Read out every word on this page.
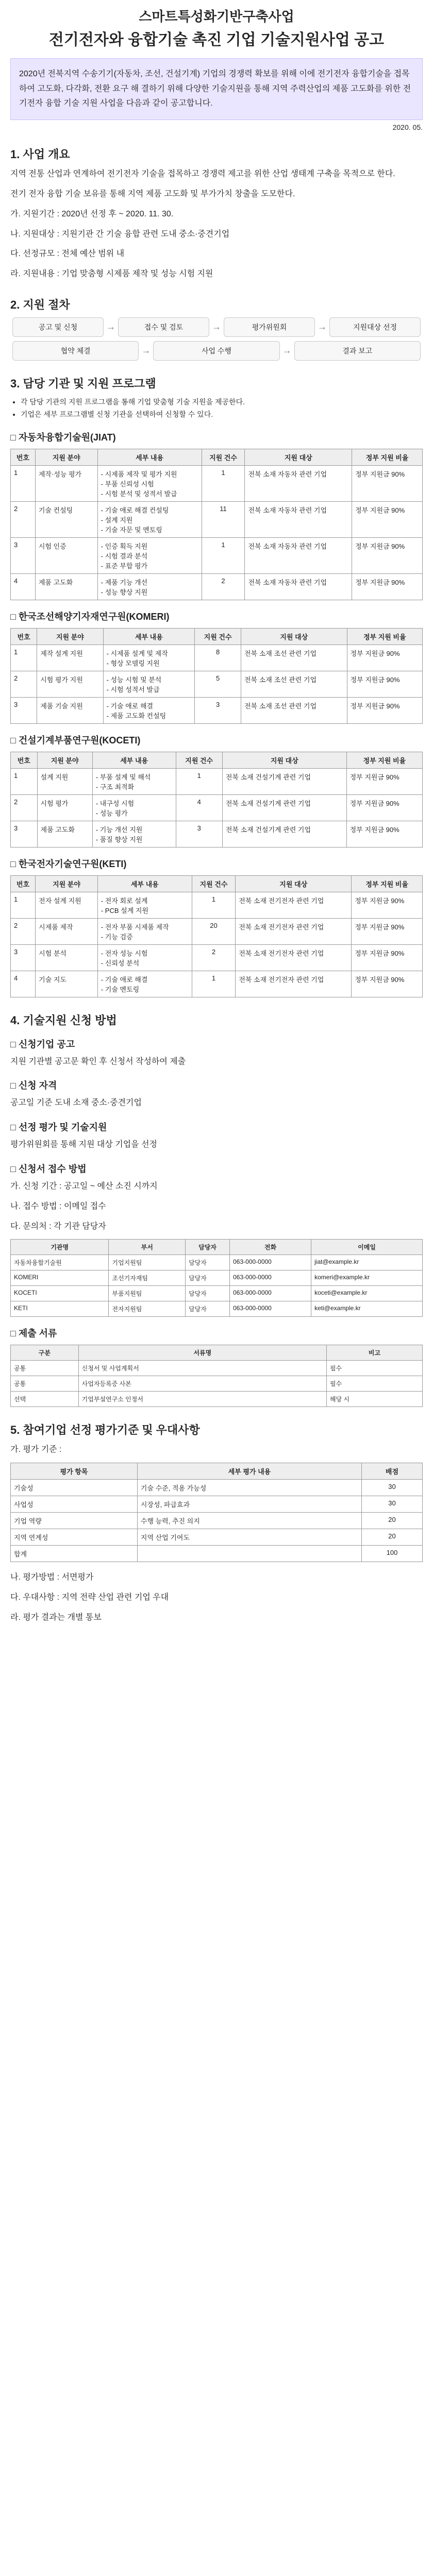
스마트특성화기반구축사업
전기전자와 융합기술 촉진 기업 기술지원사업 공고
2020년 전북지역 수송기기(자동차, 조선, 건설기계) 기업의 경쟁력 확보를 위해 이에 전기전자 융합기술을 접목하여 고도화, 다각화, 전환 요구 해 결하기 위해 다양한 기술지원을 통해 지역 주력산업의 제품 고도화를 위한 전기전자 융합 기술 지원 사업을 다음과 같이 공고합니다.
2020. 05.
1. 사업 개요
지역 전통 산업과 연계하여 전기전자 기술을 접목하고 경쟁력 제고를 위한 산업 생태계 구축을 목적으로 한다.
전기 전자 융합 기술 보유를 통해 지역 제품 고도화 및 부가가치 창출을 도모한다.
가. 지원기간 : 2020년 선정 후 ~ 2020. 11. 30.
나. 지원대상 : 지원기관 간 기술 융합 관련 도내 중소·중견기업
다. 선정규모 : 전체 예산 범위 내
라. 지원내용 : 기업 맞춤형 시제품 제작 및 성능 시험 지원
2. 지원 절차
공고 및 신청	→	접수 및 검토	→	평가위원회	→	지원대상 선정
협약 체결	→	사업 수행	→	결과 보고
3. 담당 기관 및 지원 프로그램
• 각 담당 기관의 지원 프로그램을 통해 기업 맞춤형 기술 지원을 제공한다.
• 기업은 세부 프로그램별 신청 기관을 선택하여 신청할 수 있다.
□ 자동차융합기술원(JIAT)
번호	지원 분야	세부 내용	지원 건수	지원 대상	정부 지원 비율
1	제작·성능 평가	- 시제품 제작 및 평가 지원
- 부품 신뢰성 시험
- 시험 분석 및 성적서 발급	1	전북 소재 자동차 관련 기업	정부 지원금 90%
2	기술 컨설팅	- 기술 애로 해결 컨설팅
- 설계 지원
- 기술 자문 및 멘토링	11	전북 소재 자동차 관련 기업	정부 지원금 90%
3	시험 인증	- 인증 획득 지원
- 시험 결과 분석
- 표준 부합 평가	1	전북 소재 자동차 관련 기업	정부 지원금 90%
4	제품 고도화	- 제품 기능 개선
- 성능 향상 지원	2	전북 소재 자동차 관련 기업	정부 지원금 90%
□ 한국조선해양기자재연구원(KOMERI)
번호	지원 분야	세부 내용	지원 건수	지원 대상	정부 지원 비율
1	제작 설계 지원	- 시제품 설계 및 제작
- 형상 모델링 지원	8	전북 소재 조선 관련 기업	정부 지원금 90%
2	시험 평가 지원	- 성능 시험 및 분석
- 시험 성적서 발급	5	전북 소재 조선 관련 기업	정부 지원금 90%
3	제품 기술 지원	- 기술 애로 해결
- 제품 고도화 컨설팅	3	전북 소재 조선 관련 기업	정부 지원금 90%
□ 건설기계부품연구원(KOCETI)
번호	지원 분야	세부 내용	지원 건수	지원 대상	정부 지원 비율
1	설계 지원	- 부품 설계 및 해석
- 구조 최적화	1	전북 소재 건설기계 관련 기업	정부 지원금 90%
2	시험 평가	- 내구성 시험
- 성능 평가	4	전북 소재 건설기계 관련 기업	정부 지원금 90%
3	제품 고도화	- 기능 개선 지원
- 품질 향상 지원	3	전북 소재 건설기계 관련 기업	정부 지원금 90%
□ 한국전자기술연구원(KETI)
번호	지원 분야	세부 내용	지원 건수	지원 대상	정부 지원 비율
1	전자 설계 지원	- 전자 회로 설계
- PCB 설계 지원	1	전북 소재 전기전자 관련 기업	정부 지원금 90%
2	시제품 제작	- 전자 부품 시제품 제작
- 기능 검증	20	전북 소재 전기전자 관련 기업	정부 지원금 90%
3	시험 분석	- 전자 성능 시험
- 신뢰성 분석	2	전북 소재 전기전자 관련 기업	정부 지원금 90%
4	기술 지도	- 기술 애로 해결
- 기술 멘토링	1	전북 소재 전기전자 관련 기업	정부 지원금 90%
4. 기술지원 신청 방법
□ 신청기업 공고
지원 기관별 공고문 확인 후 신청서 작성하여 제출
□ 신청 자격
공고일 기준 도내 소재 중소·중견기업
□ 선정 평가 및 기술지원
평가위원회를 통해 지원 대상 기업을 선정
□ 신청서 접수 방법
가. 신청 기간 : 공고일 ~ 예산 소진 시까지
나. 접수 방법 : 이메일 접수
다. 문의처 : 각 기관 담당자
기관명	부서	담당자	전화	이메일
자동차융합기술원	기업지원팀	담당자	063-000-0000	jiat@example.kr
KOMERI	조선기자재팀	담당자	063-000-0000	komeri@example.kr
KOCETI	부품지원팀	담당자	063-000-0000	koceti@example.kr
KETI	전자지원팀	담당자	063-000-0000	keti@example.kr
□ 제출 서류
구분	서류명	비고
공통	신청서 및 사업계획서	필수
공통	사업자등록증 사본	필수
선택	기업부설연구소 인정서	해당 시
5. 참여기업 선정 평가기준 및 우대사항
가. 평가 기준 :
평가 항목	세부 평가 내용	배점
기술성	기술 수준, 적용 가능성	30
사업성	시장성, 파급효과	30
기업 역량	수행 능력, 추진 의지	20
지역 연계성	지역 산업 기여도	20
합계		100
나. 평가방법 : 서면평가
다. 우대사항 : 지역 전략 산업 관련 기업 우대
라. 평가 결과는 개별 통보
